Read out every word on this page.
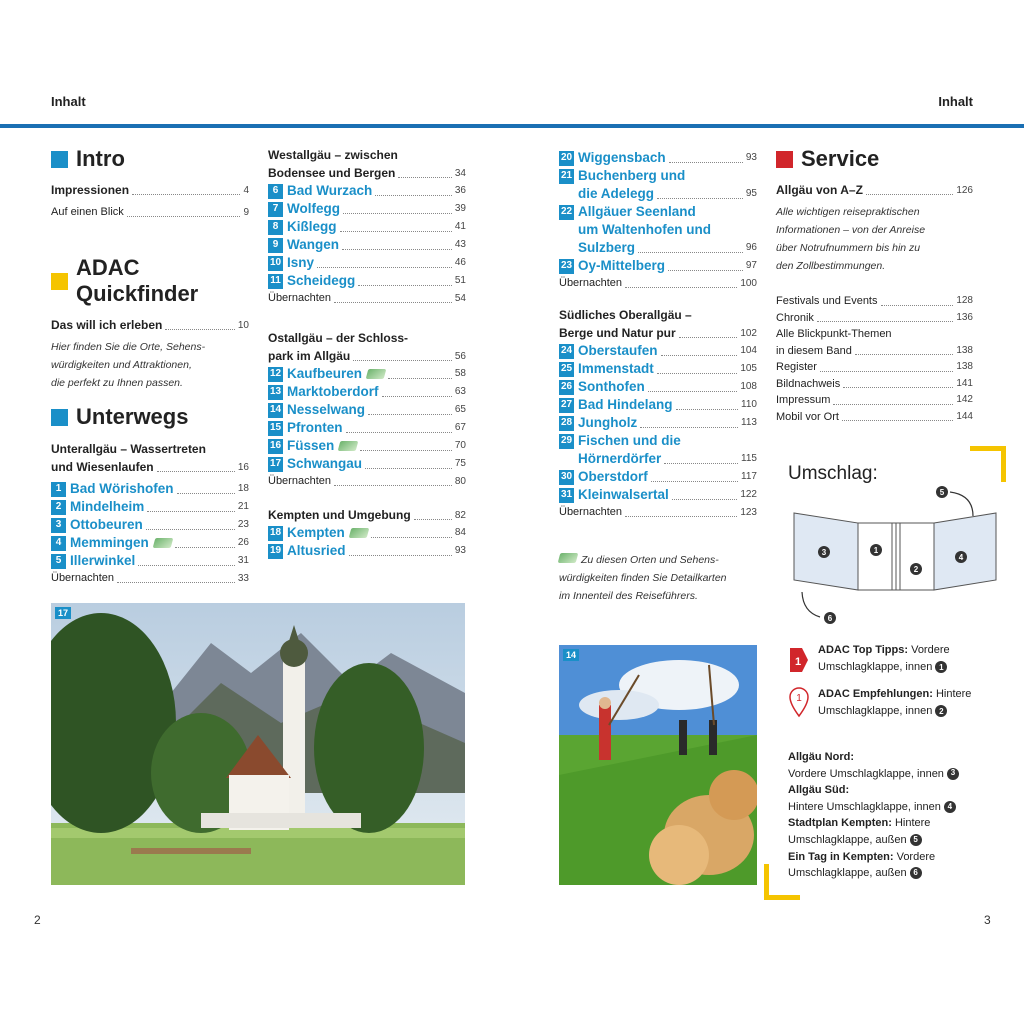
Inhalt	Inhalt
Intro
Impressionen	4
Auf einen Blick	9
ADAC Quickfinder
Das will ich erleben	10
Hier finden Sie die Orte, Sehens-
würdigkeiten und Attraktionen,
die perfekt zu Ihnen passen.
Unterwegs
Unterallgäu – Wassertreten
und Wiesenlaufen	16
1 Bad Wörishofen	18
2 Mindelheim	21
3 Ottobeuren	23
4 Memmingen	26
5 Illerwinkel	31
Übernachten	33
Westallgäu – zwischen
Bodensee und Bergen	34
6 Bad Wurzach	36
7 Wolfegg	39
8 Kißlegg	41
9 Wangen	43
10 Isny	46
11 Scheidegg	51
Übernachten	54
Ostallgäu – der Schloss-
park im Allgäu	56
12 Kaufbeuren	58
13 Marktoberdorf	63
14 Nesselwang	65
15 Pfronten	67
16 Füssen	70
17 Schwangau	75
Übernachten	80
Kempten und Umgebung	82
18 Kempten	84
19 Altusried	93
17
20 Wiggensbach	93
21 Buchenberg und
die Adelegg	95
22 Allgäuer Seenland
um Waltenhofen und
Sulzberg	96
23 Oy-Mittelberg	97
Übernachten	100
Südliches Oberallgäu –
Berge und Natur pur	102
24 Oberstaufen	104
25 Immenstadt	105
26 Sonthofen	108
27 Bad Hindelang	110
28 Jungholz	113
29 Fischen und die
Hörnerdörfer	115
30 Oberstdorf	117
31 Kleinwalsertal	122
Übernachten	123
Zu diesen Orten und Sehens-
würdigkeiten finden Sie Detailkarten
im Innenteil des Reiseführers.
14
Service
Allgäu von A–Z	126
Alle wichtigen reisepraktischen
Informationen – von der Anreise
über Notrufnummern bis hin zu
den Zollbestimmungen.
Festivals und Events	128
Chronik	136
Alle Blickpunkt-Themen
in diesem Band	138
Register	138
Bildnachweis	141
Impressum	142
Mobil vor Ort	144
Umschlag:
3	1
2
4
5
6
1
ADAC Top Tipps: Vordere
Umschlagklappe, innen 1
1 ADAC Empfehlungen: Hintere
Umschlagklappe, innen 2
Allgäu Nord:
Vordere Umschlagklappe, innen 3
Allgäu Süd:
Hintere Umschlagklappe, innen 4
Stadtplan Kempten: Hintere
Umschlagklappe, außen 5
Ein Tag in Kempten: Vordere
Umschlagklappe, außen 6
2	3
